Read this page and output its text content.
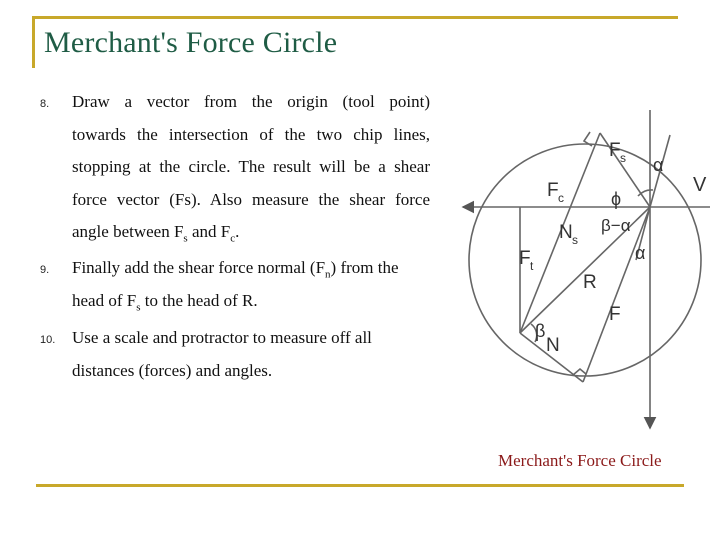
Merchant's Force Circle
8. Draw a vector from the origin (tool point)
towards the intersection of the two chip lines,
stopping at the circle. The result will be a shear
force vector (Fs). Also measure the shear force
angle between $F_s$ and $F_c$.
9. Finally add the shear force normal $(F_n)$ from the
head of $F_s$ to the head of R.
10. Use a scale and protractor to measure off all
distances (forces) and angles.
F s
F c
F t
N s
α
V
ϕ
β−α
α
R
F
β
N
Merchant's Force Circle
